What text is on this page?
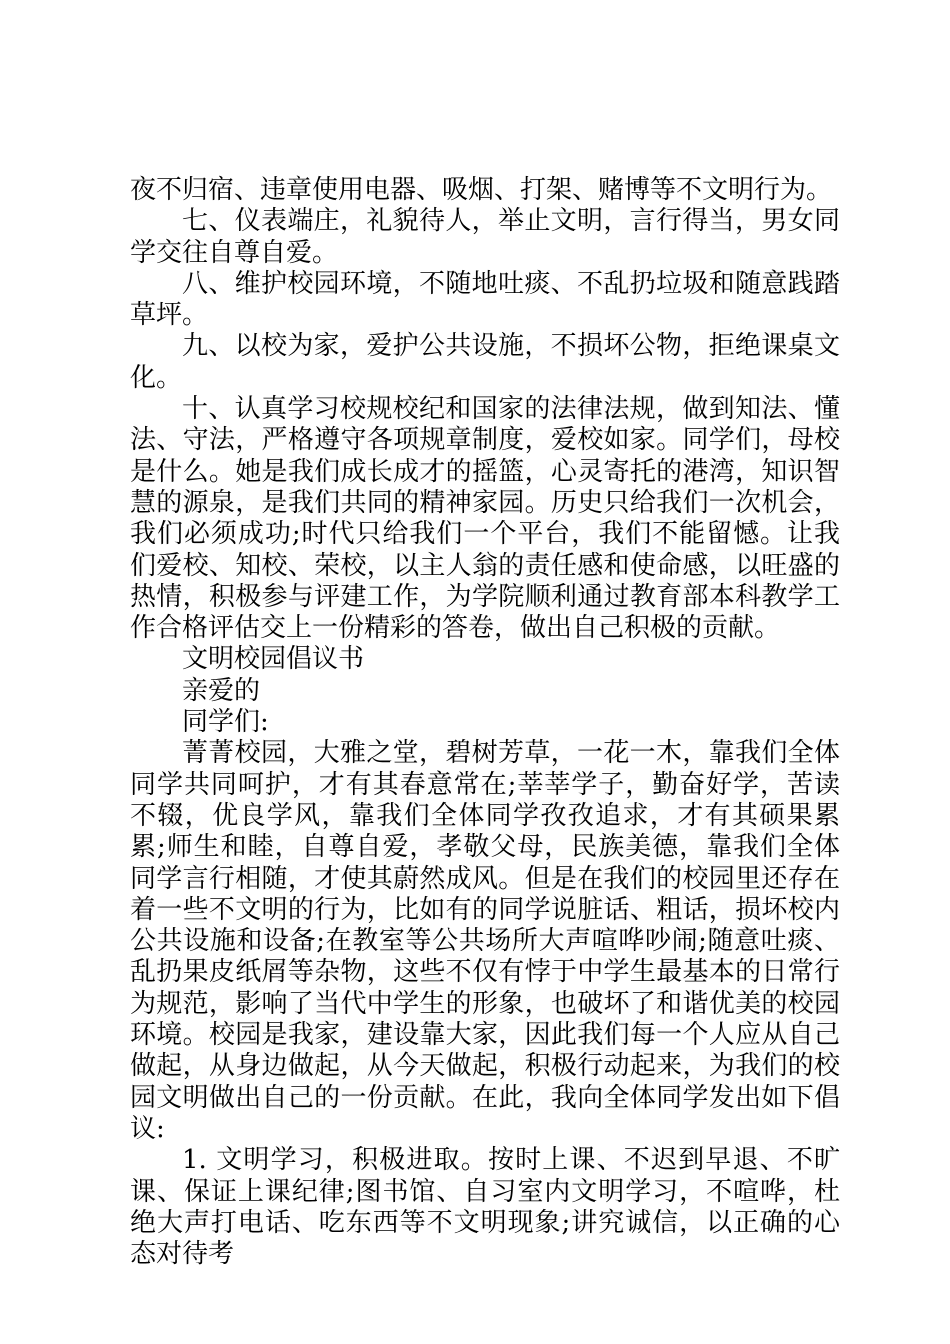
夜不归宿、违章使用电器、吸烟、打架、赌博等不文明行为。

七、仪表端庄，礼貌待人，举止文明，言行得当，男女同学交往自尊自爱。

八、维护校园环境，不随地吐痰、不乱扔垃圾和随意践踏草坪。

九、以校为家，爱护公共设施，不损坏公物，拒绝课桌文化。

十、认真学习校规校纪和国家的法律法规，做到知法、懂法、守法，严格遵守各项规章制度，爱校如家。同学们，母校是什么。她是我们成长成才的摇篮，心灵寄托的港湾，知识智慧的源泉，是我们共同的精神家园。历史只给我们一次机会，我们必须成功;时代只给我们一个平台，我们不能留憾。让我们爱校、知校、荣校，以主人翁的责任感和使命感，以旺盛的热情，积极参与评建工作，为学院顺利通过教育部本科教学工作合格评估交上一份精彩的答卷，做出自己积极的贡献。

文明校园倡议书

亲爱的

同学们:

菁菁校园，大雅之堂，碧树芳草，一花一木，靠我们全体同学共同呵护，才有其春意常在;莘莘学子，勤奋好学，苦读不辍，优良学风，靠我们全体同学孜孜追求，才有其硕果累累;师生和睦，自尊自爱，孝敬父母，民族美德，靠我们全体同学言行相随，才使其蔚然成风。但是在我们的校园里还存在着一些不文明的行为，比如有的同学说脏话、粗话，损坏校内公共设施和设备;在教室等公共场所大声喧哗吵闹;随意吐痰、乱扔果皮纸屑等杂物，这些不仅有悖于中学生最基本的日常行为规范，影响了当代中学生的形象，也破坏了和谐优美的校园环境。校园是我家，建设靠大家，因此我们每一个人应从自己做起，从身边做起，从今天做起，积极行动起来，为我们的校园文明做出自己的一份贡献。在此，我向全体同学发出如下倡议:

1. 文明学习，积极进取。按时上课、不迟到早退、不旷课、保证上课纪律;图书馆、自习室内文明学习，不喧哗，杜绝大声打电话、吃东西等不文明现象;讲究诚信，以正确的心态对待考
